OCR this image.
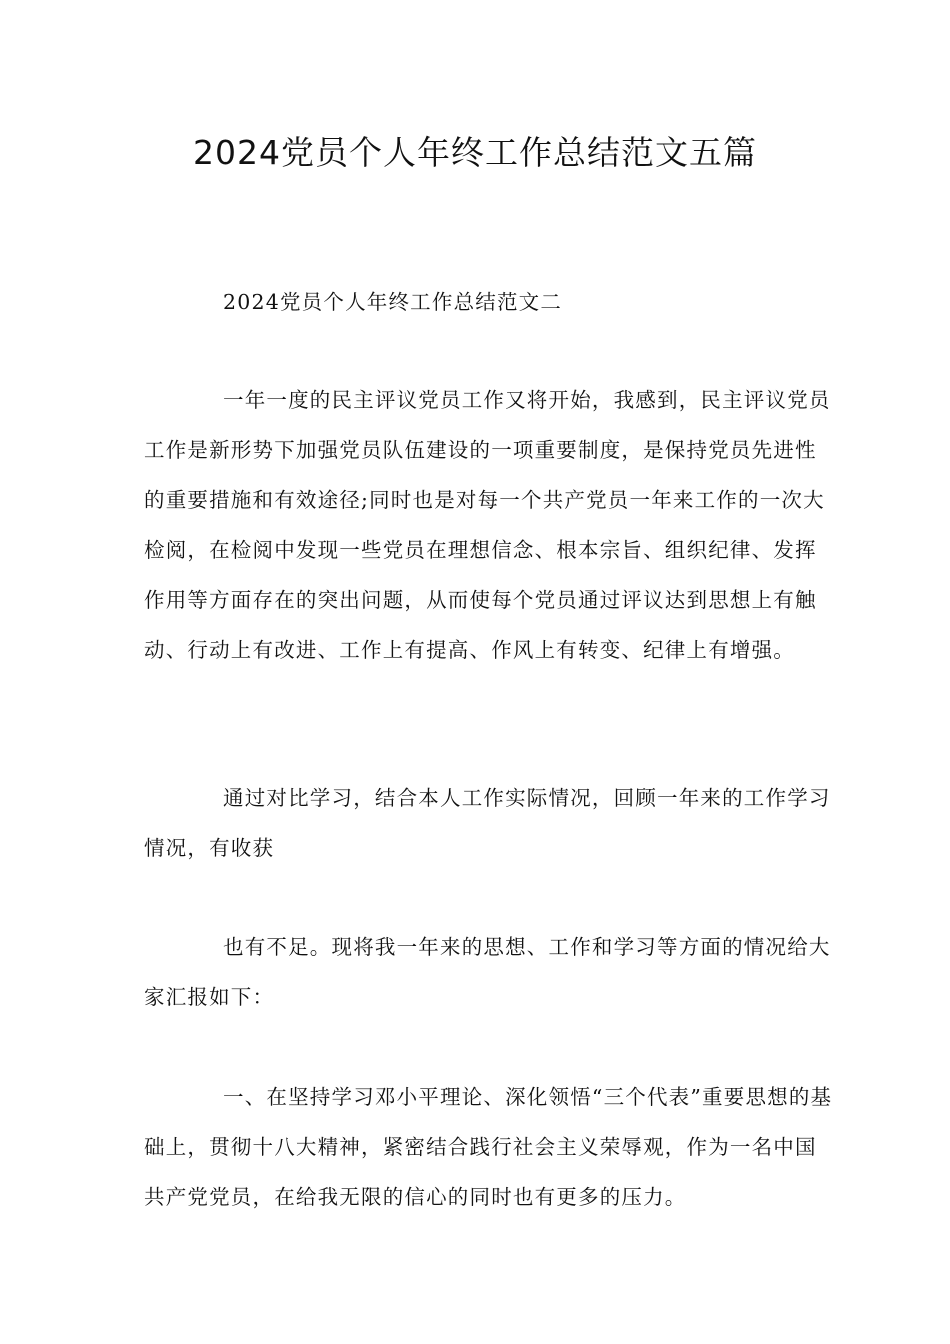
2024党员个人年终工作总结范文五篇

2024党员个人年终工作总结范文二

一年一度的民主评议党员工作又将开始，我感到，民主评议党员工作是新形势下加强党员队伍建设的一项重要制度，是保持党员先进性的重要措施和有效途径;同时也是对每一个共产党员一年来工作的一次大检阅，在检阅中发现一些党员在理想信念、根本宗旨、组织纪律、发挥作用等方面存在的突出问题，从而使每个党员通过评议达到思想上有触动、行动上有改进、工作上有提高、作风上有转变、纪律上有增强。

通过对比学习，结合本人工作实际情况，回顾一年来的工作学习情况，有收获

也有不足。现将我一年来的思想、工作和学习等方面的情况给大家汇报如下：

一、在坚持学习邓小平理论、深化领悟“三个代表”重要思想的基础上，贯彻十八大精神，紧密结合践行社会主义荣辱观，作为一名中国共产党党员，在给我无限的信心的同时也有更多的压力。
